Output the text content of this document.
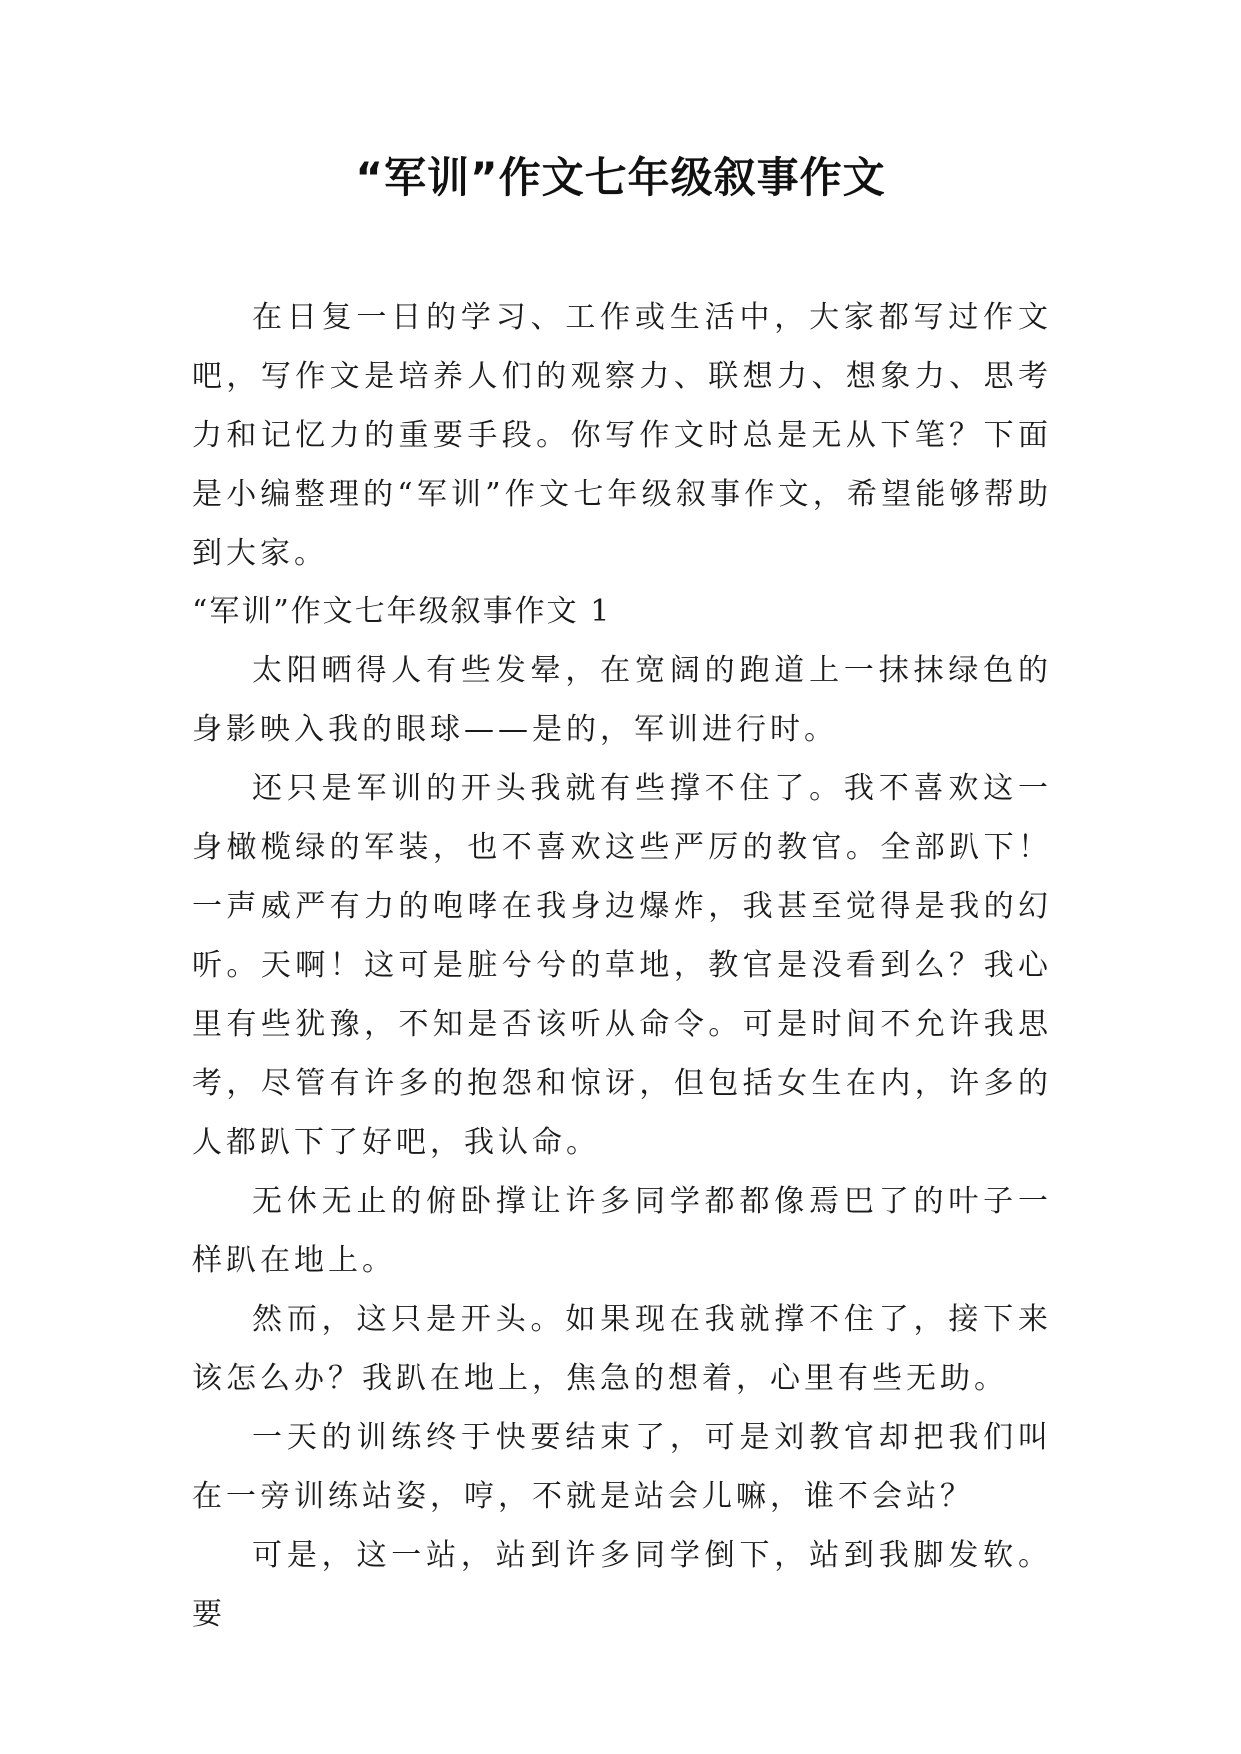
“军训”作文七年级叙事作文

在日复一日的学习、工作或生活中，大家都写过作文吧，写作文是培养人们的观察力、联想力、想象力、思考力和记忆力的重要手段。你写作文时总是无从下笔？下面是小编整理的“军训”作文七年级叙事作文，希望能够帮助到大家。

“军训”作文七年级叙事作文 1

太阳晒得人有些发晕，在宽阔的跑道上一抹抹绿色的身影映入我的眼球——是的，军训进行时。

还只是军训的开头我就有些撑不住了。我不喜欢这一身橄榄绿的军装，也不喜欢这些严厉的教官。全部趴下！一声威严有力的咆哮在我身边爆炸，我甚至觉得是我的幻听。天啊！这可是脏兮兮的草地，教官是没看到么？我心里有些犹豫，不知是否该听从命令。可是时间不允许我思考，尽管有许多的抱怨和惊讶，但包括女生在内，许多的人都趴下了好吧，我认命。

无休无止的俯卧撑让许多同学都都像焉巴了的叶子一样趴在地上。

然而，这只是开头。如果现在我就撑不住了，接下来该怎么办？我趴在地上，焦急的想着，心里有些无助。

一天的训练终于快要结束了，可是刘教官却把我们叫在一旁训练站姿，哼，不就是站会儿嘛，谁不会站？

可是，这一站，站到许多同学倒下，站到我脚发软。要
